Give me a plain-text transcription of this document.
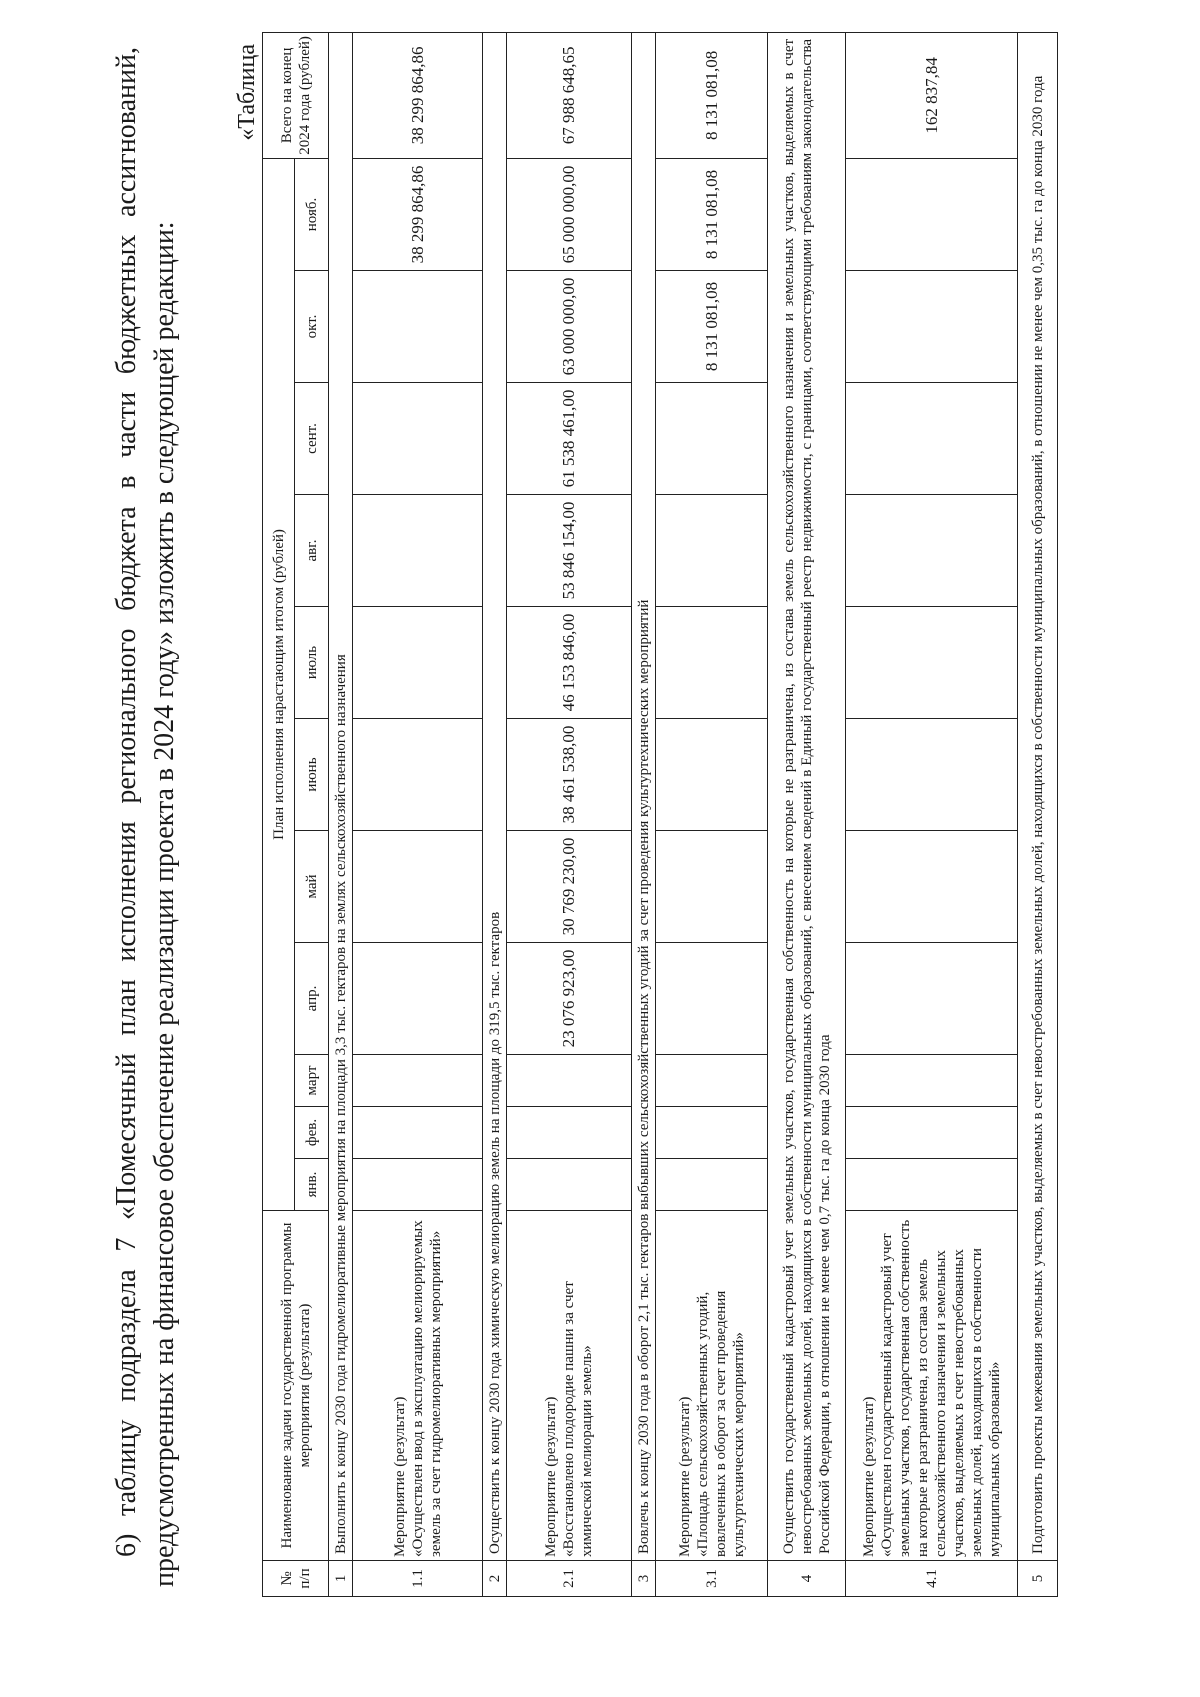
6) таблицу подраздела 7 «Помесячный план исполнения регионального бюджета в части бюджетных ассигнований, предусмотренных на финансовое обеспечение реализации проекта в 2024 году» изложить в следующей редакции:

«Таблица
№ п/п	Наименование задачи государственной программы мероприятия (результата)	План исполнения нарастающим итогом (рублей)											Всего на конец 2024 года (рублей)
		янв.	фев.	март	апр.	май	июнь	июль	авг.	сент.	окт.	нояб.	
1	Выполнить к концу 2030 года гидромелиоративные мероприятия на площади 3,3 тыс. гектаров на землях сельскохозяйственного назначения												
1.1	Мероприятие (результат) «Осуществлен ввод в эксплуатацию мелиорируемых земель за счет гидромелиоративных мероприятий»											38 299 864,86	38 299 864,86
2	Осуществить к концу 2030 года химическую мелиорацию земель на площади до 319,5 тыс. гектаров												
2.1	Мероприятие (результат) «Восстановлено плодородие пашни за счет химической мелиорации земель»				23 076 923,00	30 769 230,00	38 461 538,00	46 153 846,00	53 846 154,00	61 538 461,00	63 000 000,00	65 000 000,00	67 988 648,65
3	Вовлечь к концу 2030 года в оборот 2,1 тыс. гектаров выбывших сельскохозяйственных угодий за счет проведения культуртехнических мероприятий												
3.1	Мероприятие (результат) «Площадь сельскохозяйственных угодий, вовлеченных в оборот за счет проведения культуртехнических мероприятий»										8 131 081,08	8 131 081,08	8 131 081,08
4	Осуществить государственный кадастровый учет земельных участков, государственная собственность на которые не разграничена, из состава земель сельскохозяйственного назначения и земельных участков, выделяемых в счет невостребованных земельных долей, находящихся в собственности муниципальных образований, с внесением сведений в Единый государственный реестр недвижимости, с границами, соответствующими требованиям законодательства Российской Федерации, в отношении не менее чем 0,7 тыс. га до конца 2030 года												
4.1	Мероприятие (результат) «Осуществлен государственный кадастровый учет земельных участков, государственная собственность на которые не разграничена, из состава земель сельскохозяйственного назначения и земельных участков, выделяемых в счет невостребованных земельных долей, находящихся в собственности муниципальных образований»												162 837,84
5	Подготовить проекты межевания земельных участков, выделяемых в счет невостребованных земельных долей, находящихся в собственности муниципальных образований, в отношении не менее чем 0,35 тыс. га до конца 2030 года												
